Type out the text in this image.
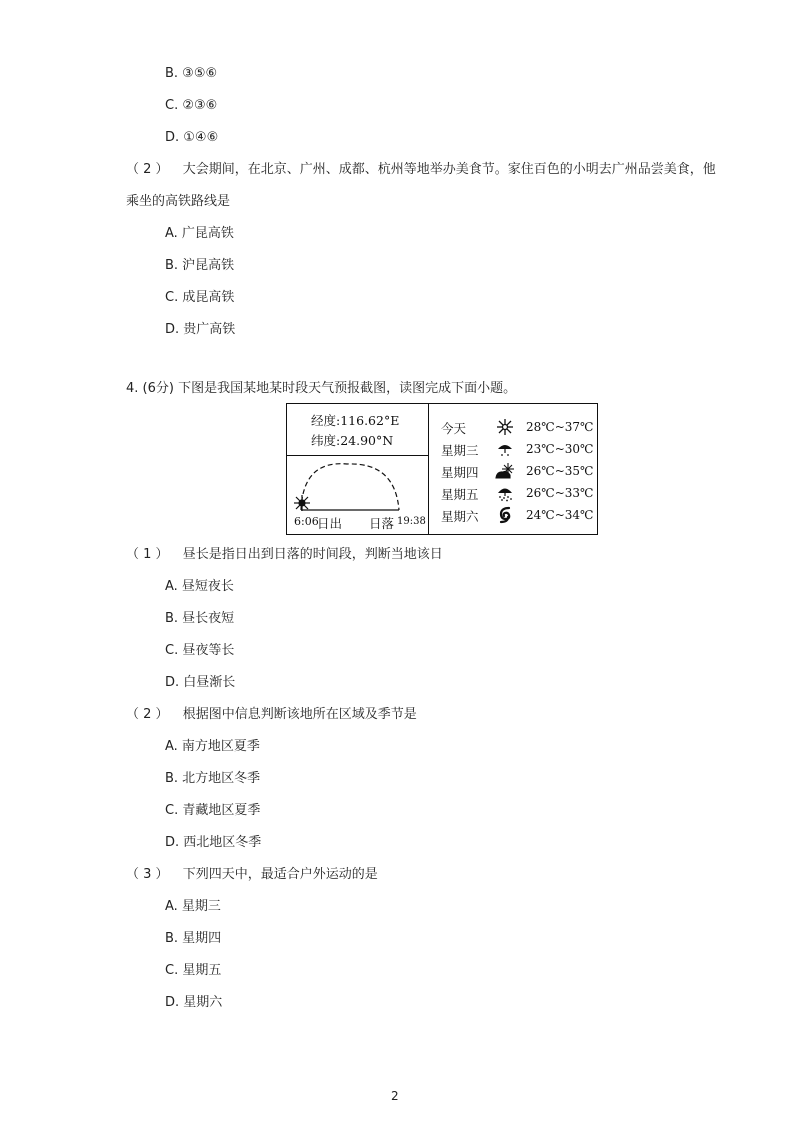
B. ③⑤⑥
C. ②③⑥
D. ①④⑥
（ 2 ） 大会期间，在北京、广州、成都、杭州等地举办美食节。家住百色的小明去广州品尝美食，他
乘坐的高铁路线是
A. 广昆高铁
B. 沪昆高铁
C. 成昆高铁
D. 贵广高铁
4. (6分) 下图是我国某地某时段天气预报截图，读图完成下面小题。
经度:116.62°E
纬度:24.90°N
6:06
日出 日落 19:38
今天	28℃~37℃
星期三	23℃~30℃
星期四	26℃~35℃
星期五	26℃~33℃
星期六	24℃~34℃
（ 1 ） 昼长是指日出到日落的时间段，判断当地该日
A. 昼短夜长
B. 昼长夜短
C. 昼夜等长
D. 白昼渐长
（ 2 ） 根据图中信息判断该地所在区域及季节是
A. 南方地区夏季
B. 北方地区冬季
C. 青藏地区夏季
D. 西北地区冬季
（ 3 ） 下列四天中，最适合户外运动的是
A. 星期三
B. 星期四
C. 星期五
D. 星期六
2
